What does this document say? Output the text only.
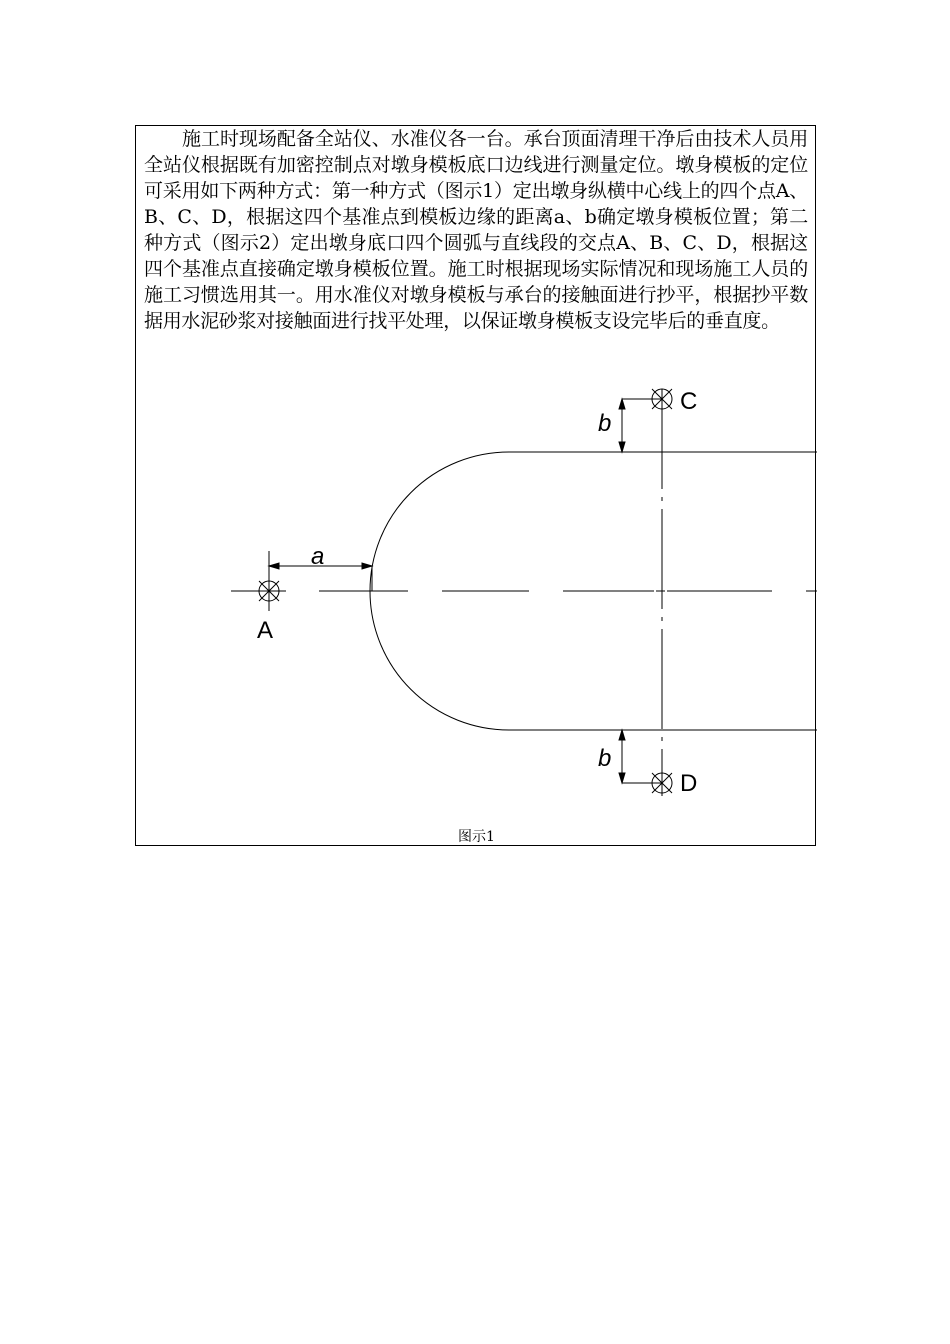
施工时现场配备全站仪、水准仪各一台。承台顶面清理干净后由技术人员用全站仪根据既有加密控制点对墩身模板底口边线进行测量定位。墩身模板的定位可采用如下两种方式：第一种方式（图示1）定出墩身纵横中心线上的四个点A、B、C、D，根据这四个基准点到模板边缘的距离a、b确定墩身模板位置；第二种方式（图示2）定出墩身底口四个圆弧与直线段的交点A、B、C、D，根据这四个基准点直接确定墩身模板位置。施工时根据现场实际情况和现场施工人员的施工习惯选用其一。用水准仪对墩身模板与承台的接触面进行抄平，根据抄平数据用水泥砂浆对接触面进行找平处理，以保证墩身模板支设完毕后的垂直度。

A
a
C
b
D
b
图示1
